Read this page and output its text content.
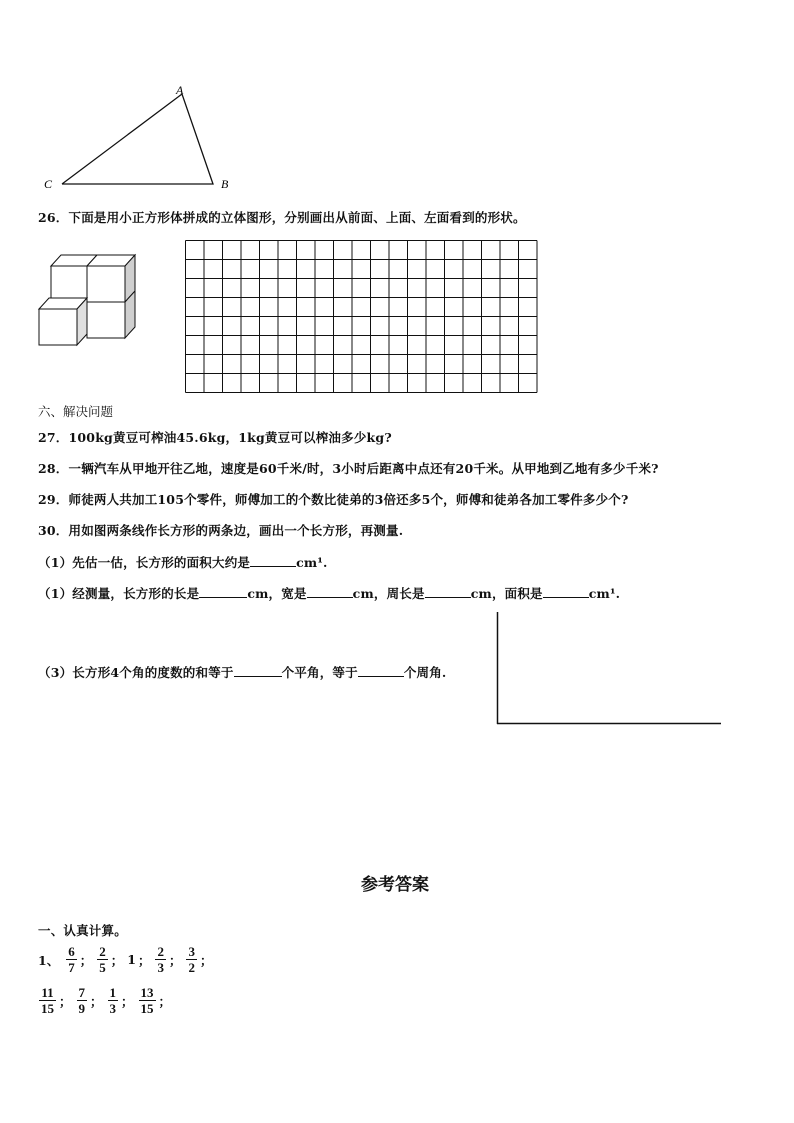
A
B
C
26．下面是用小正方形体拼成的立体图形，分别画出从前面、上面、左面看到的形状。
六、解决问题
27．100kg黄豆可榨油45.6kg，1kg黄豆可以榨油多少kg?
28．一辆汽车从甲地开往乙地，速度是60千米/时，3小时后距离中点还有20千米。从甲地到乙地有多少千米?
29．师徒两人共加工105个零件，师傅加工的个数比徒弟的3倍还多5个，师傅和徒弟各加工零件多少个?
30．用如图两条线作长方形的两条边，画出一个长方形，再测量.
（1）先估一估，长方形的面积大约是	cm¹.
（1）经测量，长方形的长是	cm，宽是	cm，周长是	cm，面积是	cm¹.
（3）长方形4个角的度数的和等于	个平角，等于	个周角.
参考答案
一、认真计算。
1、 $\frac{6}{7}$ ； $\frac{2}{5}$ ； 1 ； $\frac{2}{3}$ ； $\frac{3}{2}$ ；
$\frac{11}{15}$ ； $\frac{7}{9}$ ； $\frac{1}{3}$ ； $\frac{13}{15}$ ；
